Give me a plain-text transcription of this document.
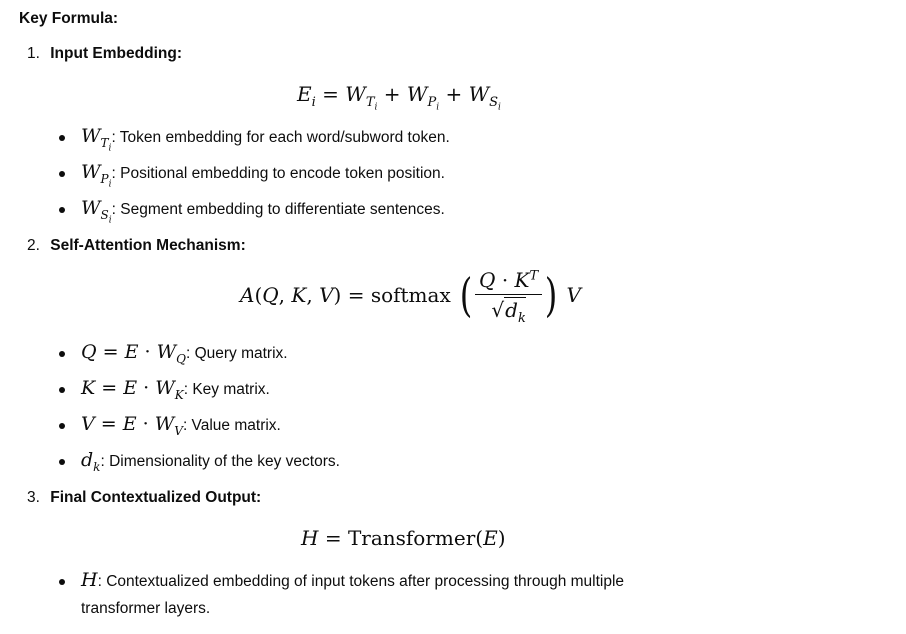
Key Formula:
1. Input Embedding:
$E_i = W_{T_i} + W_{P_i} + W_{S_i}$
$W_{T_i}$: Token embedding for each word/subword token.
$W_{P_i}$: Positional embedding to encode token position.
$W_{S_i}$: Segment embedding to differentiate sentences.
2. Self-Attention Mechanism:
A(Q, K, V) = softmax ( $\frac{Q \cdot K^T}{√d_k}$ ) V
$Q = E \cdot W_Q$: Query matrix.
$K = E \cdot W_K$: Key matrix.
$V = E \cdot W_V$: Value matrix.
$d_k$: Dimensionality of the key vectors.
3. Final Contextualized Output:
H = Transformer(E)
H: Contextualized embedding of input tokens after processing through multiple
transformer layers.
